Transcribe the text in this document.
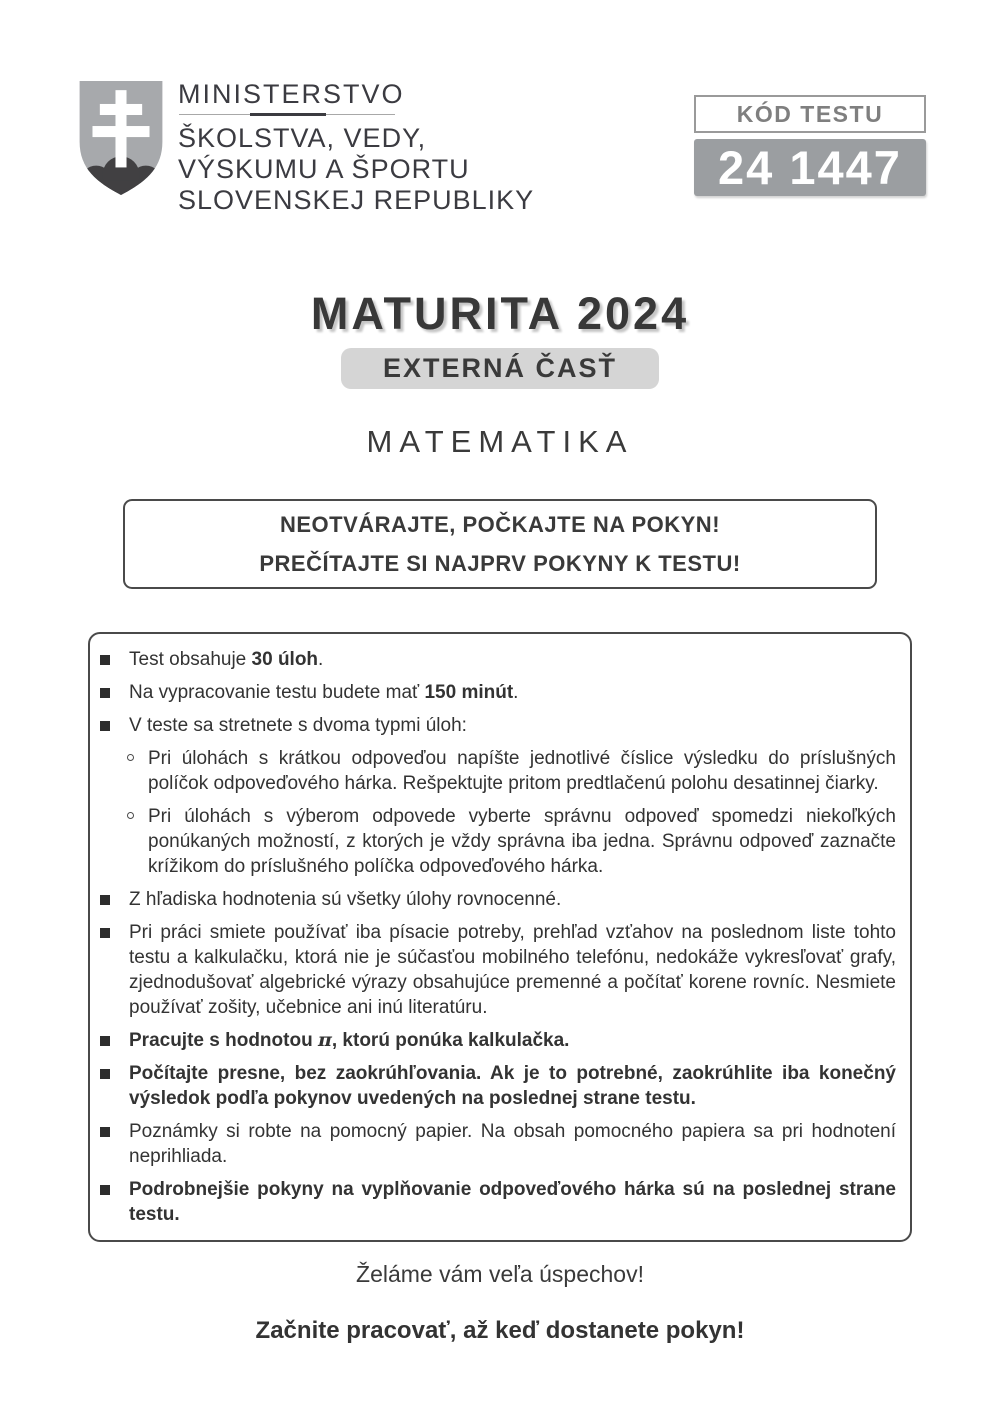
MINISTERSTVO
ŠKOLSTVA, VEDY,
VÝSKUMU A ŠPORTU
SLOVENSKEJ REPUBLIKY
KÓD TESTU
24 1447
MATURITA 2024
EXTERNÁ ČASŤ
MATEMATIKA
NEOTVÁRAJTE, POČKAJTE NA POKYN!
PREČÍTAJTE SI NAJPRV POKYNY K TESTU!
Test obsahuje 30 úloh.
Na vypracovanie testu budete mať 150 minút.
V teste sa stretnete s dvoma typmi úloh:
Pri úlohách s krátkou odpoveďou napíšte jednotlivé číslice výsledku do príslušných políčok odpoveďového hárka. Rešpektujte pritom predtlačenú polohu desatinnej čiarky.
Pri úlohách s výberom odpovede vyberte správnu odpoveď spomedzi niekoľkých ponúkaných možností, z ktorých je vždy správna iba jedna. Správnu odpoveď zaznačte krížikom do príslušného políčka odpoveďového hárka.
Z hľadiska hodnotenia sú všetky úlohy rovnocenné.
Pri práci smiete používať iba písacie potreby, prehľad vzťahov na poslednom liste tohto testu a kalkulačku, ktorá nie je súčasťou mobilného telefónu, nedokáže vykresľovať grafy, zjednodušovať algebrické výrazy obsahujúce premenné a počítať korene rovníc. Nesmiete používať zošity, učebnice ani inú literatúru.
Pracujte s hodnotou π, ktorú ponúka kalkulačka.
Počítajte presne, bez zaokrúhľovania. Ak je to potrebné, zaokrúhlite iba konečný výsledok podľa pokynov uvedených na poslednej strane testu.
Poznámky si robte na pomocný papier. Na obsah pomocného papiera sa pri hodnotení neprihliada.
Podrobnejšie pokyny na vyplňovanie odpoveďového hárka sú na poslednej strane testu.
Želáme vám veľa úspechov!
Začnite pracovať, až keď dostanete pokyn!
